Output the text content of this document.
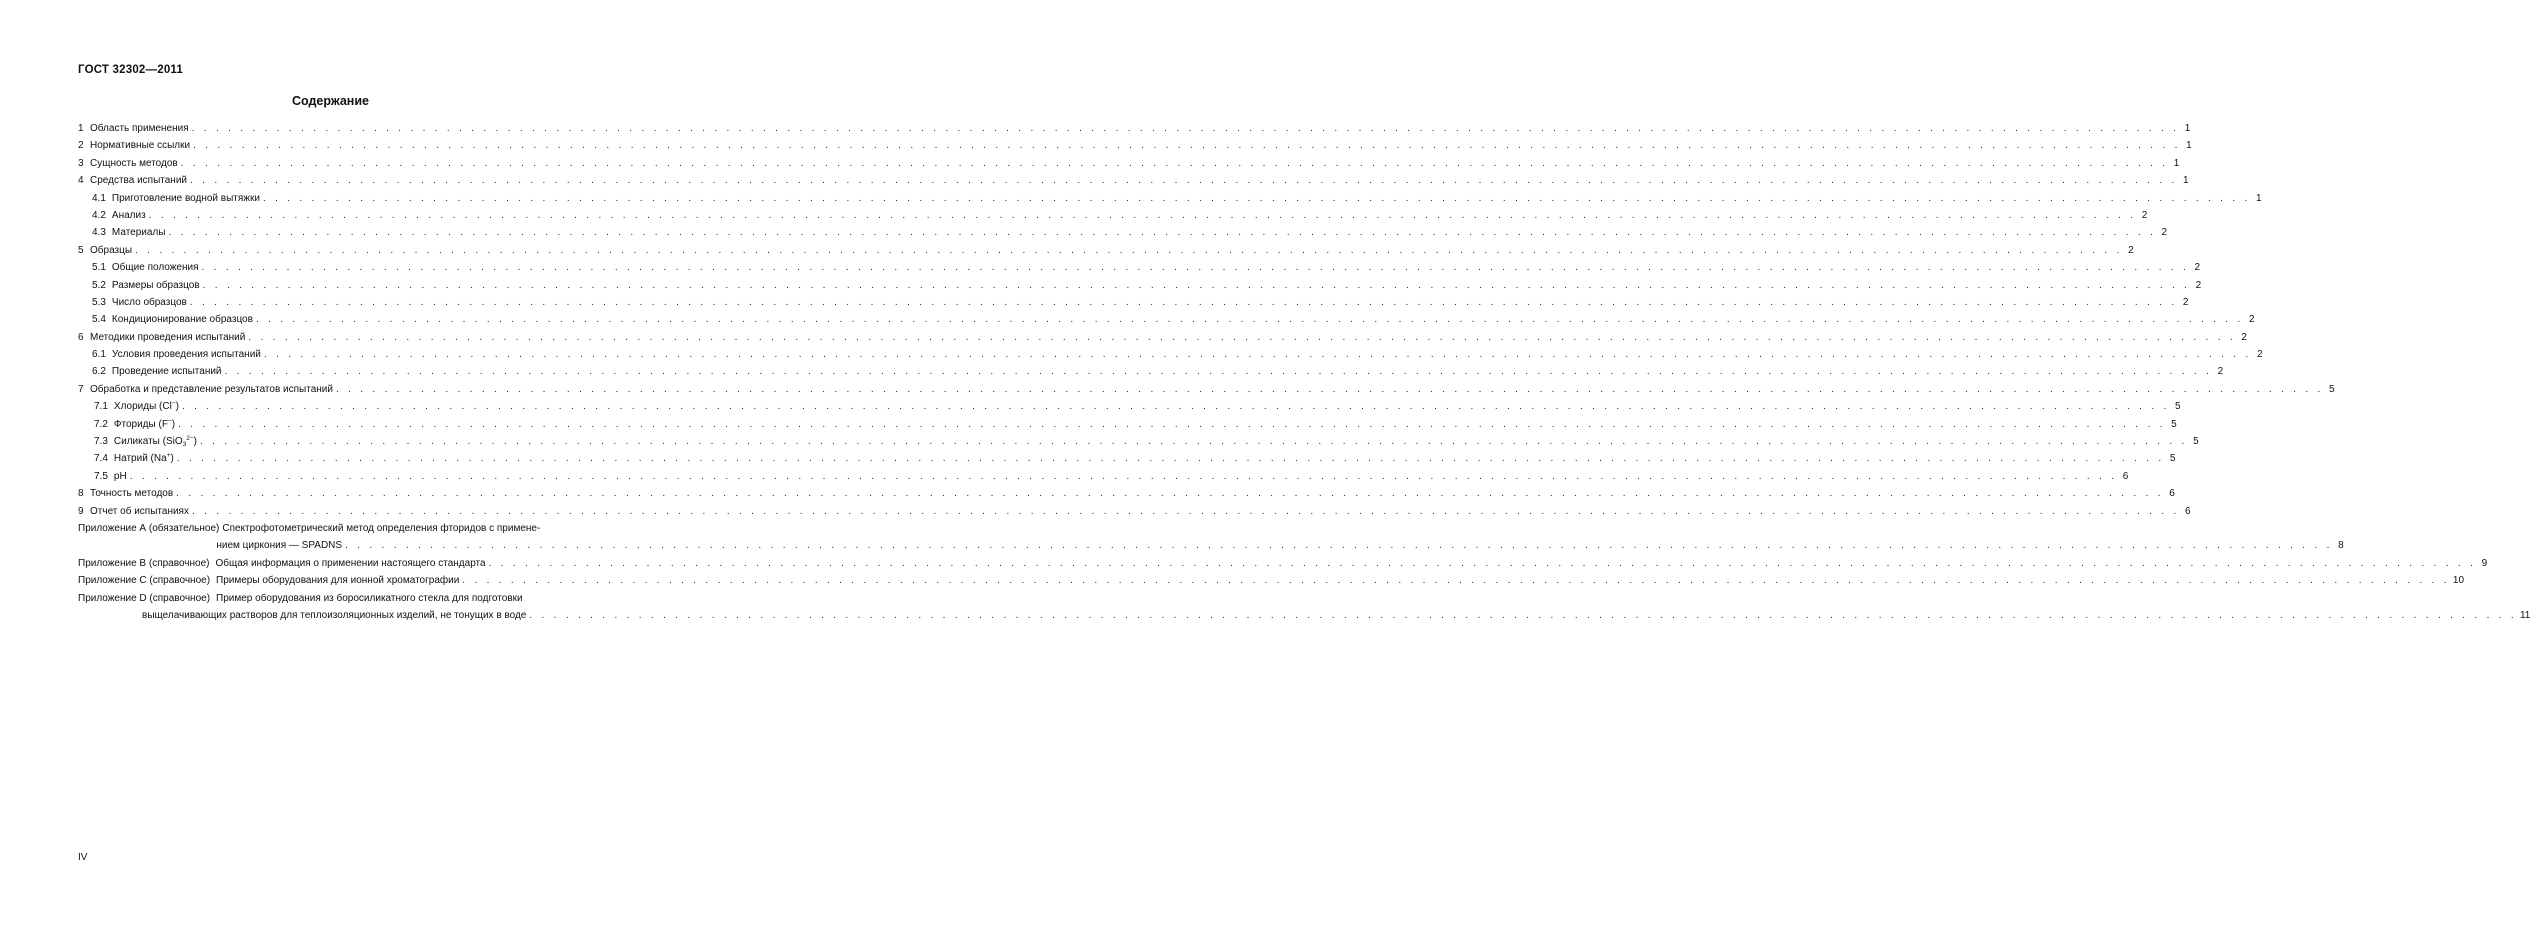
ГОСТ 32302—2011
Содержание
1 Область применения . . .	1
2 Нормативные ссылки . . .	1
3 Сущность методов . . .	1
4 Средства испытаний . . .	1
4.1 Приготовление водной вытяжки . . .	1
4.2 Анализ . . .	2
4.3 Материалы . . .	2
5 Образцы . . .	2
5.1 Общие положения . . .	2
5.2 Размеры образцов . . .	2
5.3 Число образцов . . .	2
5.4 Кондиционирование образцов . . .	2
6 Методики проведения испытаний . . .	2
6.1 Условия проведения испытаний . . .	2
6.2 Проведение испытаний . . .	2
7 Обработка и представление результатов испытаний . . .	5
7.1 Хлориды (Cl−) . . .	5
7.2 Фториды (F−) . . .	5
7.3 Силикаты (SiO$_3^{2-}$) . . .	5
7.4 Натрий (Na+) . . .	5
7.5 pH . . .	6
8 Точность методов . . .	6
9 Отчет об испытаниях . . .	6
Приложение А (обязательное) Спектрофотометрический метод определения фторидов с примене-
нием циркония — SPADNS . . .	8
Приложение В (справочное) Общая информация о применении настоящего стандарта . . .	9
Приложение С (справочное) Примеры оборудования для ионной хроматографии . . .	10
Приложение D (справочное) Пример оборудования из боросиликатного стекла для подготовки
выщелачивающих растворов для теплоизоляционных изделий, не тонущих в воде . . .	11
IV
